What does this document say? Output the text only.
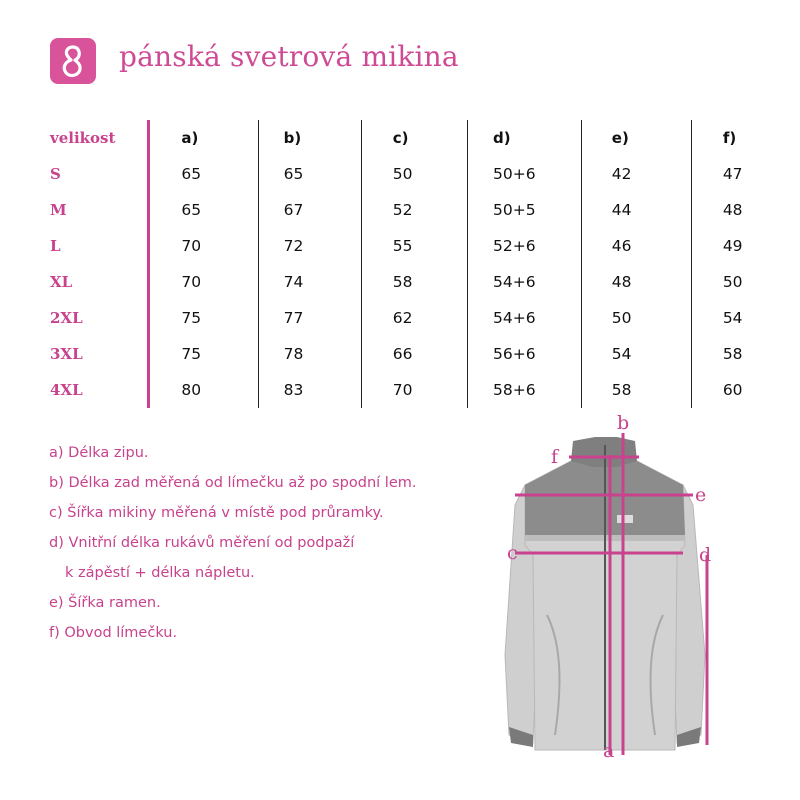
pánská svetrová mikina
velikost	a)	b)	c)	d)	e)	f)
S	65	65	50	50+6	42	47
M	65	67	52	50+5	44	48
L	70	72	55	52+6	46	49
XL	70	74	58	54+6	48	50
2XL	75	77	62	54+6	50	54
3XL	75	78	66	56+6	54	58
4XL	80	83	70	58+6	58	60
a) Délka zipu.
b) Délka zad měřená od límečku až po spodní lem.
c) Šířka mikiny měřená v místě pod průramky.
d) Vnitřní délka rukávů měření od podpaží
k zápěstí + délka nápletu.
e) Šířka ramen.
f) Obvod límečku.
a
b
c	d
e
f
